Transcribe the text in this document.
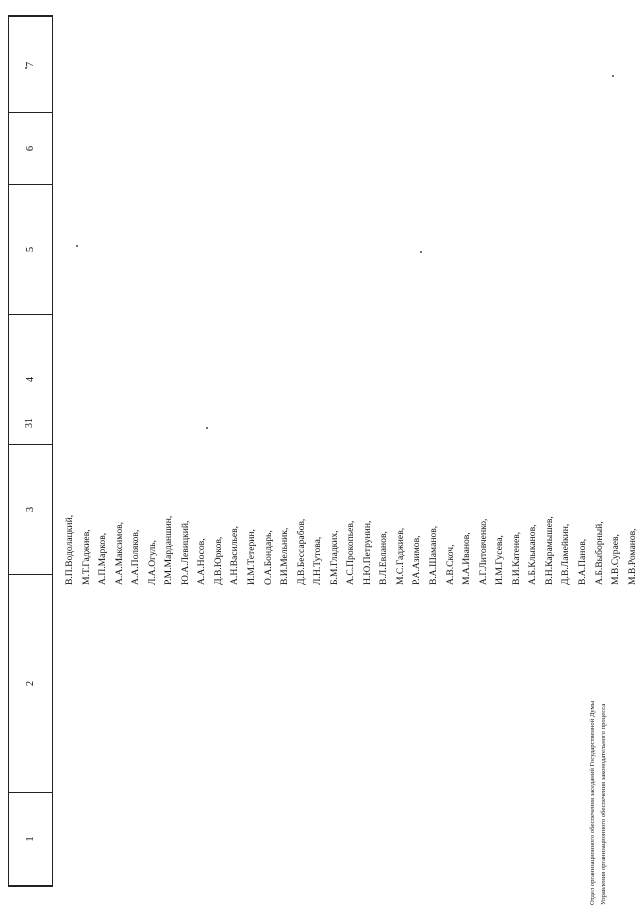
31
1	2	3	4	5	6	7
В.П.Водолацкий, М.Т.Гаджиев, А.П.Марков, А.А.Максимов, А.А.Поляков, Л.А.Огуль, Р.М.Марданшин, Ю.А.Левицкий, А.А.Носов, Д.В.Юрков, А.Н.Васильев, И.М.Тетерин, О.А.Бондарь, В.И.Мельник, Д.В.Бессарабов, Л.Н.Тутова, Б.М.Гладких, А.С.Прокопьев, Н.Ю.Петрунин, В.Л.Евланов, М.С.Гаджиев, Р.А.Азимов, В.А.Шаманов, А.В.Скоч, М.А.Иванов, А.Г.Литовченко, И.М.Гусева, В.И.Катенев, А.Б.Клыканов, В.Н.Карамышев, Д.В.Ламейкин, В.А.Панов, А.Б.Выборный, М.В.Сураев, М.В.Романов,
Отдел организационного обеспечения заседаний Государственной Думы Управления организационного обеспечения законодательного процесса
